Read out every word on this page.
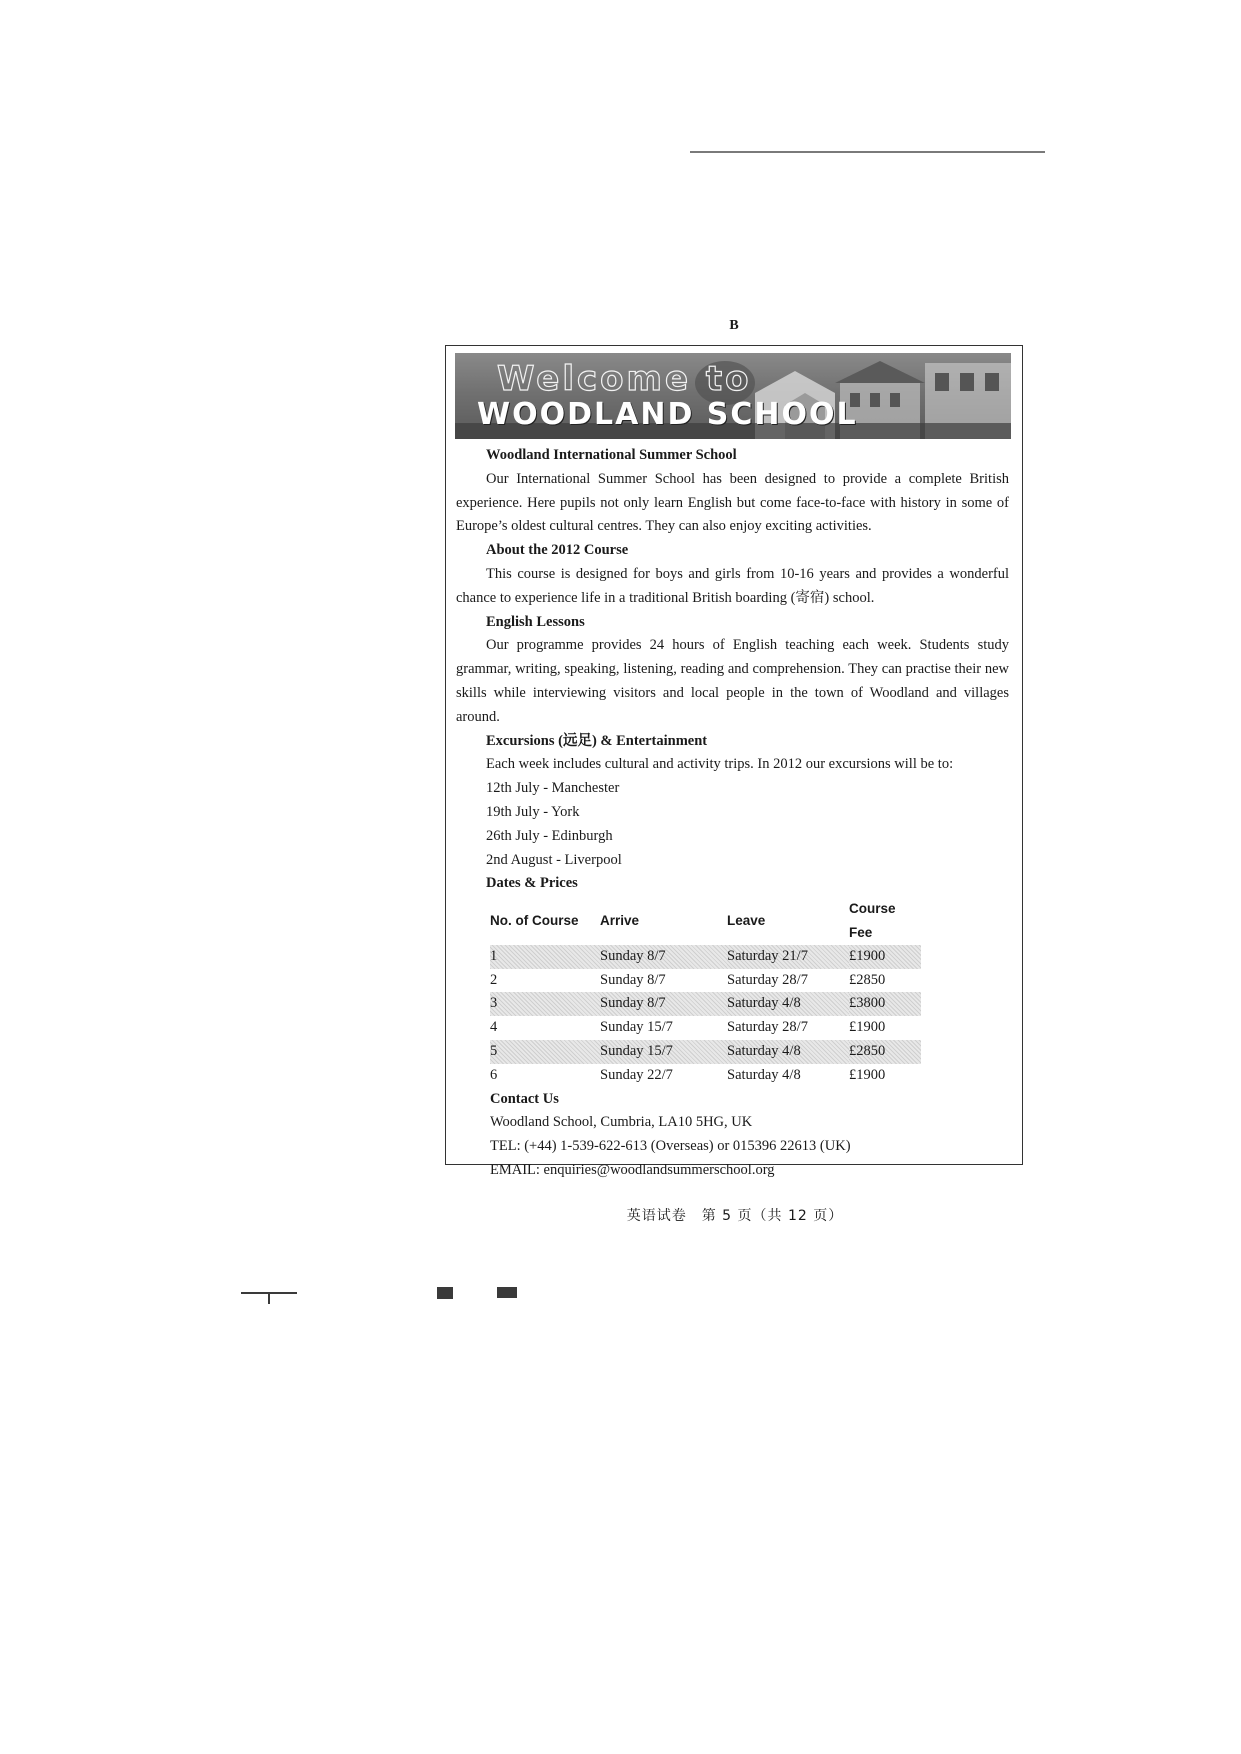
B
Welcome to
WOODLAND SCHOOL
Woodland International Summer School

Our International Summer School has been designed to provide a complete British experience. Here pupils not only learn English but come face-to-face with history in some of Europe’s oldest cultural centres. They can also enjoy exciting activities.

About the 2012 Course

This course is designed for boys and girls from 10-16 years and provides a wonderful chance to experience life in a traditional British boarding (寄宿) school.

English Lessons

Our programme provides 24 hours of English teaching each week. Students study grammar, writing, speaking, listening, reading and comprehension. They can practise their new skills while interviewing visitors and local people in the town of Woodland and villages around.

Excursions (远足) & Entertainment
Each week includes cultural and activity trips. In 2012 our excursions will be to:
12th July - Manchester
19th July - York
26th July - Edinburgh
2nd August - Liverpool
Dates & Prices
No. of Course	Arrive	Leave	Course Fee
1	Sunday 8/7	Saturday 21/7	£1900
2	Sunday 8/7	Saturday 28/7	£2850
3	Sunday 8/7	Saturday 4/8	£3800
4	Sunday 15/7	Saturday 28/7	£1900
5	Sunday 15/7	Saturday 4/8	£2850
6	Sunday 22/7	Saturday 4/8	£1900
Contact Us
Woodland School, Cumbria, LA10 5HG, UK
TEL: (+44) 1-539-622-613 (Overseas) or 015396 22613 (UK)
EMAIL: enquiries@woodlandsummerschool.org
英语试卷　第 5 页（共 12 页）
